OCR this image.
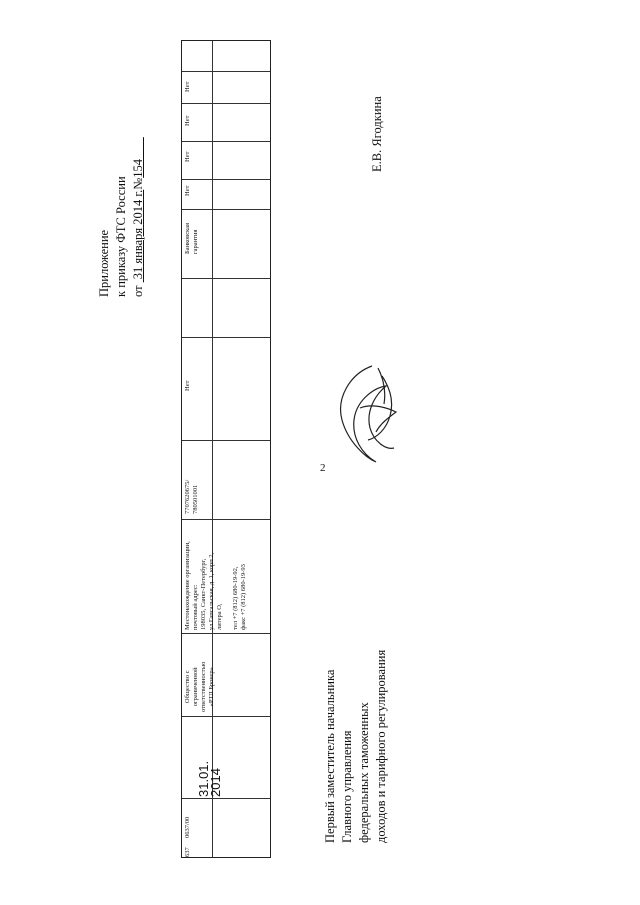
2
Приложение к приказу ФТС России от  31 января 2014 г.№154
637
0637/00
31.01.
2014
Общество с ограниченной ответственностью «РТЛ Брокер»
Местонахождение организации, почтовый адрес: 198035, Санкт-Петербург, ул Гапсальская, д. 1, корп 2, литера О, тел +7 (812) 680-19-92, факс +7 (812) 680-19-93
7707620675/ 780501001
Нет
Банковская гарантия
Нет
Нет
Нет
Нет
Первый заместитель начальника Главного управления федеральных таможенных доходов и тарифного регулирования
Е.В. Ягодкина
